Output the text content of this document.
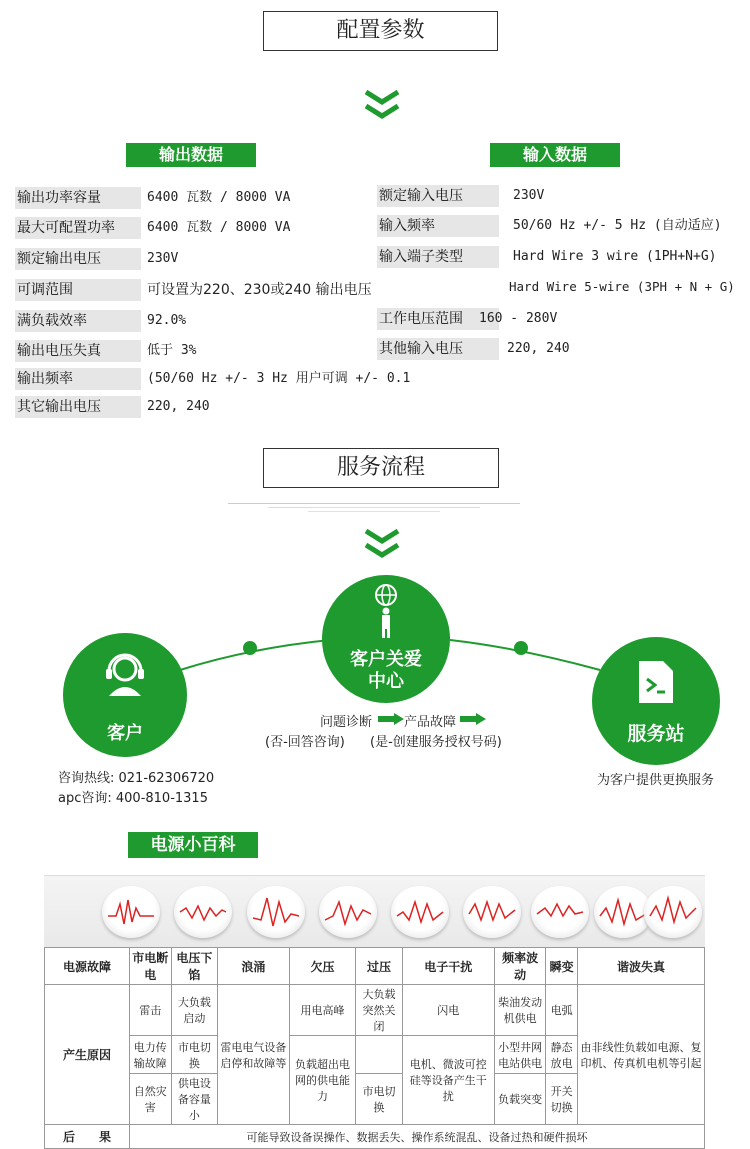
配置参数
输出数据	输入数据
输出功率容量	6400 瓦数 / 8000 VA
最大可配置功率	6400 瓦数 / 8000 VA
额定输出电压	230V
可调范围	可设置为220、230或240 输出电压
满负载效率	92.0%
输出电压失真	低于 3%
输出频率	(50/60 Hz +/- 3 Hz 用户可调 +/- 0.1
其它输出电压	220, 240
额定输入电压	230V
输入频率	50/60 Hz +/- 5 Hz (自动适应)
输入端子类型	Hard Wire 3 wire (1PH+N+G)
Hard Wire 5-wire (3PH + N + G)
工作电压范围	160 - 280V
其他输入电压	220, 240
服务流程
客户
客户关爱
中心
服务站
问题诊断 产品故障
(否-回答咨询) (是-创建服务授权号码)
咨询热线: 021-62306720
apc咨询: 400-810-1315
为客户提供更换服务
电源小百科
电源故障	市电断电	电压下馅	浪涌	欠压	过压	电子干扰	频率波动	瞬变	谐波失真
产生原因	雷击	大负载启动	雷电电气设备启停和故障等	用电高峰	大负载突然关闭	闪电	柴油发动机供电	电弧	由非线性负载如电源、复印机、传真机电机等引起
	电力传输故障	市电切换		负载超出电网的供电能力		电机、微波可控硅等设备产生干扰	小型井网电站供电	静态放电	
	自然灾害	供电设备容量小			市电切换		负载突变	开关切换	
后　　果	可能导致设备误操作、数据丢失、操作系统混乱、设备过热和硬件损坏								
